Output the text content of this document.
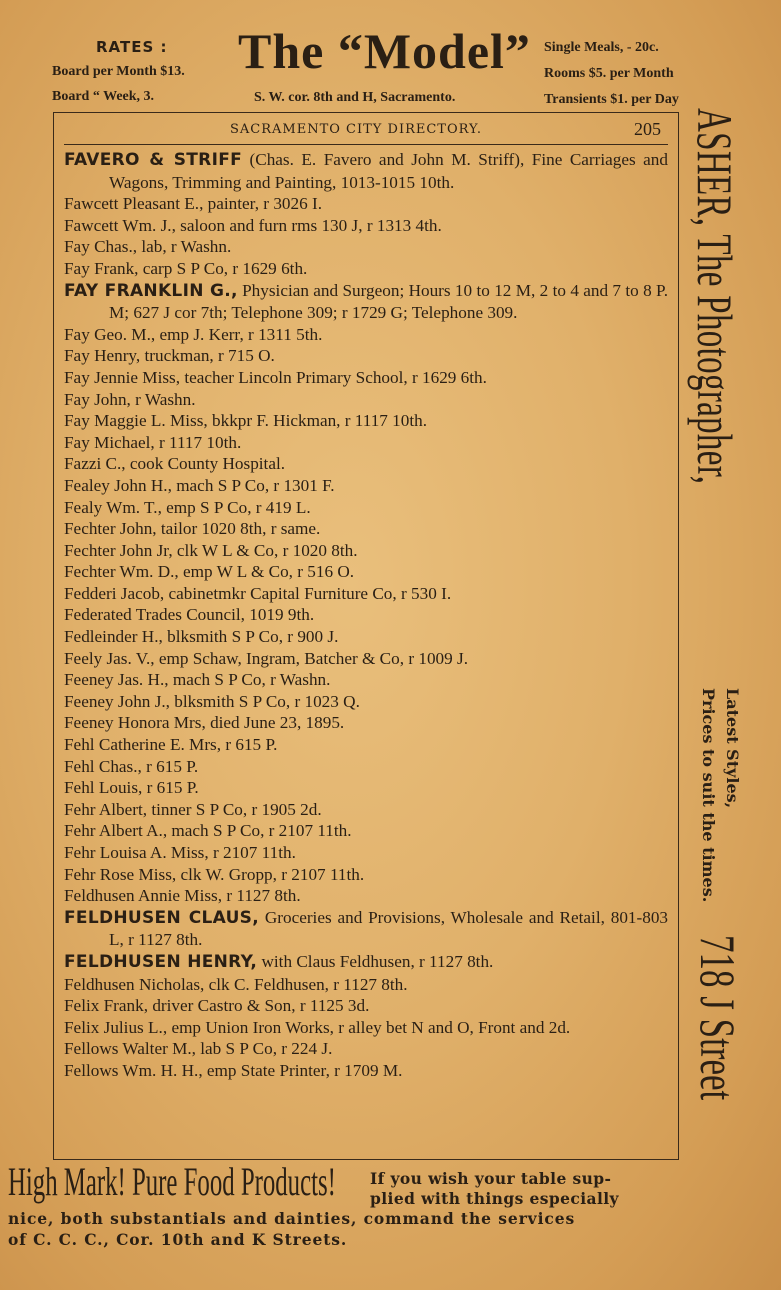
RATES :
Board per Month $13.
Board “ Week, 3.
The “Model”
S. W. cor. 8th and H, Sacramento.
Single Meals, - 20c.
Rooms $5. per Month
Transients $1. per Day
SACRAMENTO CITY DIRECTORY.	205
FAVERO & STRIFF (Chas. E. Favero and John M. Striff), Fine Carriages and Wagons, Trimming and Painting, 1013-1015 10th.
Fawcett Pleasant E., painter, r 3026 I.
Fawcett Wm. J., saloon and furn rms 130 J, r 1313 4th.
Fay Chas., lab, r Washn.
Fay Frank, carp S P Co, r 1629 6th.
FAY FRANKLIN G., Physician and Surgeon; Hours 10 to 12 M, 2 to 4 and 7 to 8 P. M; 627 J cor 7th; Telephone 309; r 1729 G; Telephone 309.
Fay Geo. M., emp J. Kerr, r 1311 5th.
Fay Henry, truckman, r 715 O.
Fay Jennie Miss, teacher Lincoln Primary School, r 1629 6th.
Fay John, r Washn.
Fay Maggie L. Miss, bkkpr F. Hickman, r 1117 10th.
Fay Michael, r 1117 10th.
Fazzi C., cook County Hospital.
Fealey John H., mach S P Co, r 1301 F.
Fealy Wm. T., emp S P Co, r 419 L.
Fechter John, tailor 1020 8th, r same.
Fechter John Jr, clk W L & Co, r 1020 8th.
Fechter Wm. D., emp W L & Co, r 516 O.
Fedderi Jacob, cabinetmkr Capital Furniture Co, r 530 I.
Federated Trades Council, 1019 9th.
Fedleinder H., blksmith S P Co, r 900 J.
Feely Jas. V., emp Schaw, Ingram, Batcher & Co, r 1009 J.
Feeney Jas. H., mach S P Co, r Washn.
Feeney John J., blksmith S P Co, r 1023 Q.
Feeney Honora Mrs, died June 23, 1895.
Fehl Catherine E. Mrs, r 615 P.
Fehl Chas., r 615 P.
Fehl Louis, r 615 P.
Fehr Albert, tinner S P Co, r 1905 2d.
Fehr Albert A., mach S P Co, r 2107 11th.
Fehr Louisa A. Miss, r 2107 11th.
Fehr Rose Miss, clk W. Gropp, r 2107 11th.
Feldhusen Annie Miss, r 1127 8th.
FELDHUSEN CLAUS, Groceries and Provisions, Wholesale and Retail, 801-803 L, r 1127 8th.
FELDHUSEN HENRY, with Claus Feldhusen, r 1127 8th.
Feldhusen Nicholas, clk C. Feldhusen, r 1127 8th.
Felix Frank, driver Castro & Son, r 1125 3d.
Felix Julius L., emp Union Iron Works, r alley bet N and O, Front and 2d.
Fellows Walter M., lab S P Co, r 224 J.
Fellows Wm. H. H., emp State Printer, r 1709 M.
ASHER, The Photographer,
Latest Styles,
Prices to suit the times.
718 J Street
High Mark! Pure Food Products! If you wish your table sup-
plied with things especially
nice, both substantials and dainties, command the services
of C. C. C., Cor. 10th and K Streets.
